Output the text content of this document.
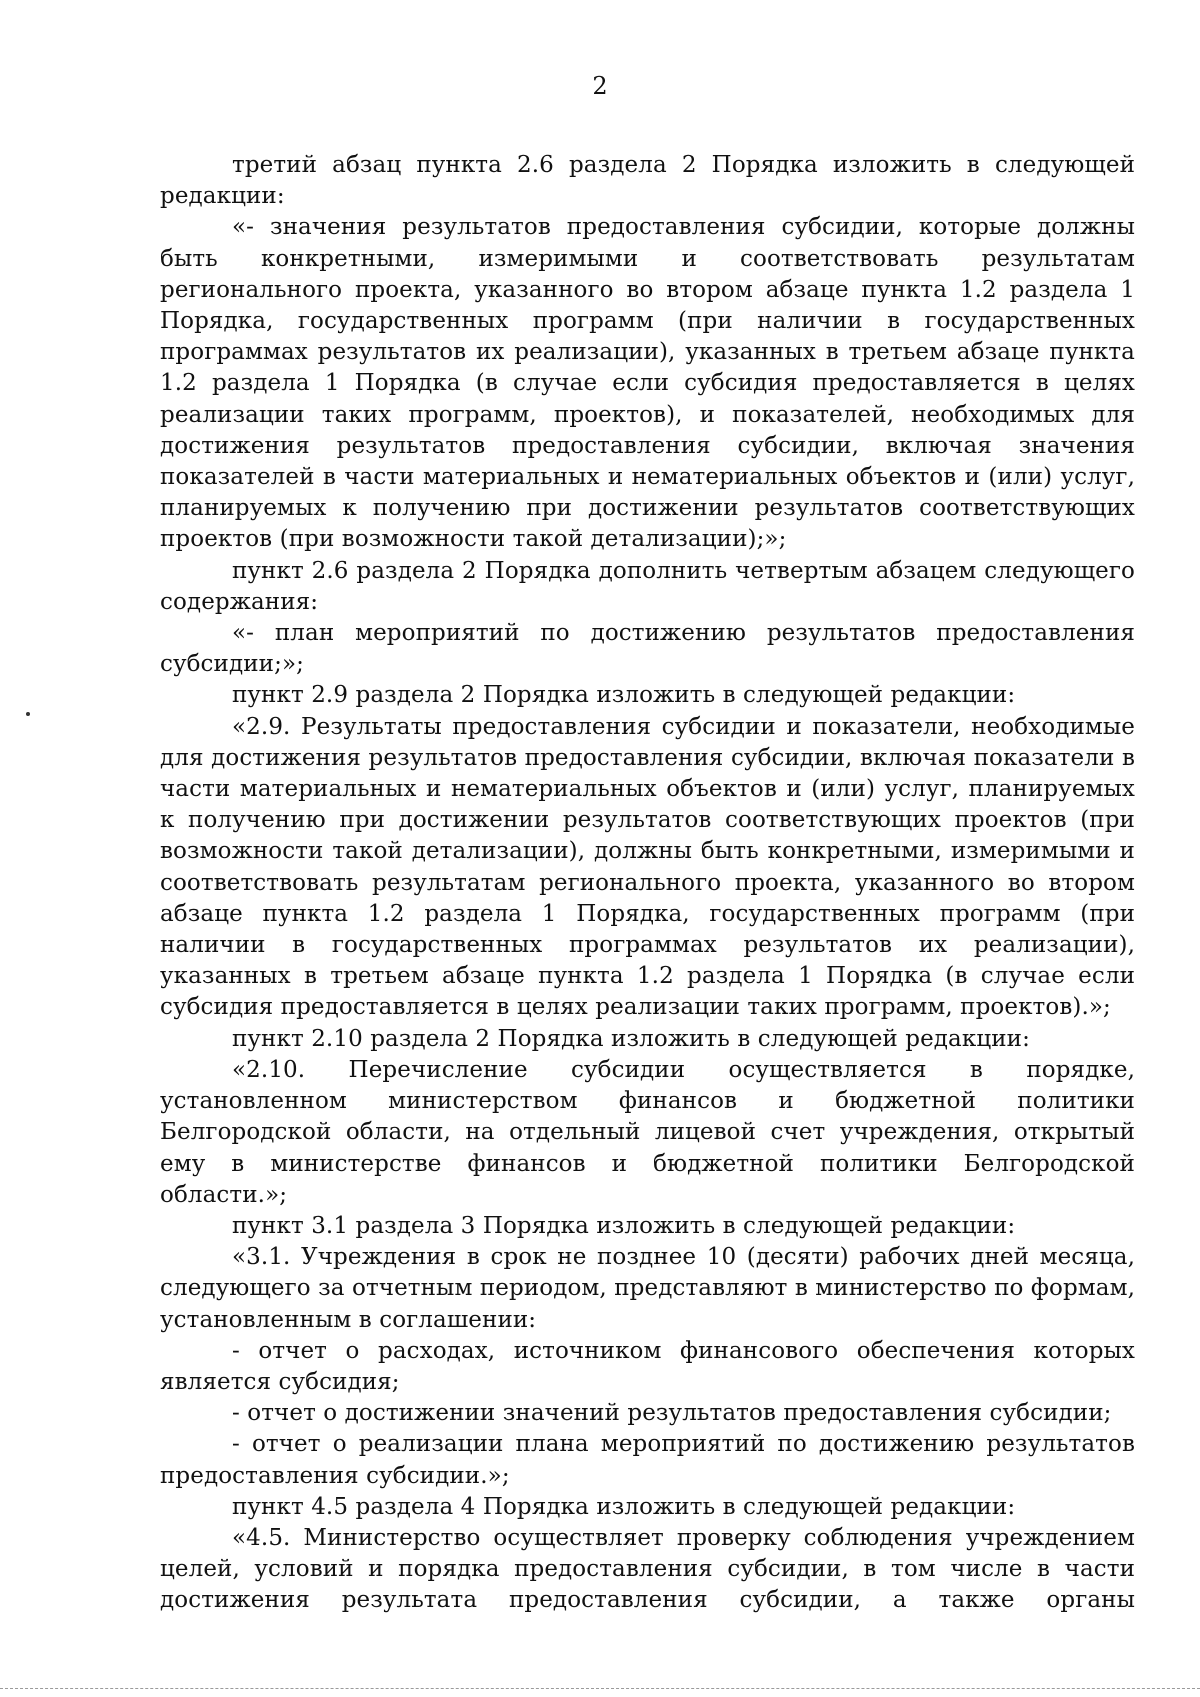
2

третий абзац пункта 2.6 раздела 2 Порядка изложить в следующей редакции:

«- значения результатов предоставления субсидии, которые должны быть конкретными, измеримыми и соответствовать результатам регионального проекта, указанного во втором абзаце пункта 1.2 раздела 1 Порядка, государственных программ (при наличии в государственных программах результатов их реализации), указанных в третьем абзаце пункта 1.2 раздела 1 Порядка (в случае если субсидия предоставляется в целях реализации таких программ, проектов), и показателей, необходимых для достижения результатов предоставления субсидии, включая значения показателей в части материальных и нематериальных объектов и (или) услуг, планируемых к получению при достижении результатов соответствующих проектов (при возможности такой детализации);»;

пункт 2.6 раздела 2 Порядка дополнить четвертым абзацем следующего содержания:

«- план мероприятий по достижению результатов предоставления субсидии;»;

пункт 2.9 раздела 2 Порядка изложить в следующей редакции:

«2.9. Результаты предоставления субсидии и показатели, необходимые для достижения результатов предоставления субсидии, включая показатели в части материальных и нематериальных объектов и (или) услуг, планируемых к получению при достижении результатов соответствующих проектов (при возможности такой детализации), должны быть конкретными, измеримыми и соответствовать результатам регионального проекта, указанного во втором абзаце пункта 1.2 раздела 1 Порядка, государственных программ (при наличии в государственных программах результатов их реализации), указанных в третьем абзаце пункта 1.2 раздела 1 Порядка (в случае если субсидия предоставляется в целях реализации таких программ, проектов).»;

пункт 2.10 раздела 2 Порядка изложить в следующей редакции:

«2.10. Перечисление субсидии осуществляется в порядке, установленном министерством финансов и бюджетной политики Белгородской области, на отдельный лицевой счет учреждения, открытый ему в министерстве финансов и бюджетной политики Белгородской области.»;

пункт 3.1 раздела 3 Порядка изложить в следующей редакции:

«3.1. Учреждения в срок не позднее 10 (десяти) рабочих дней месяца, следующего за отчетным периодом, представляют в министерство по формам, установленным в соглашении:

- отчет о расходах, источником финансового обеспечения которых является субсидия;

- отчет о достижении значений результатов предоставления субсидии;

- отчет о реализации плана мероприятий по достижению результатов предоставления субсидии.»;

пункт 4.5 раздела 4 Порядка изложить в следующей редакции:

«4.5. Министерство осуществляет проверку соблюдения учреждением целей, условий и порядка предоставления субсидии, в том числе в части достижения результата предоставления субсидии, а также органы
